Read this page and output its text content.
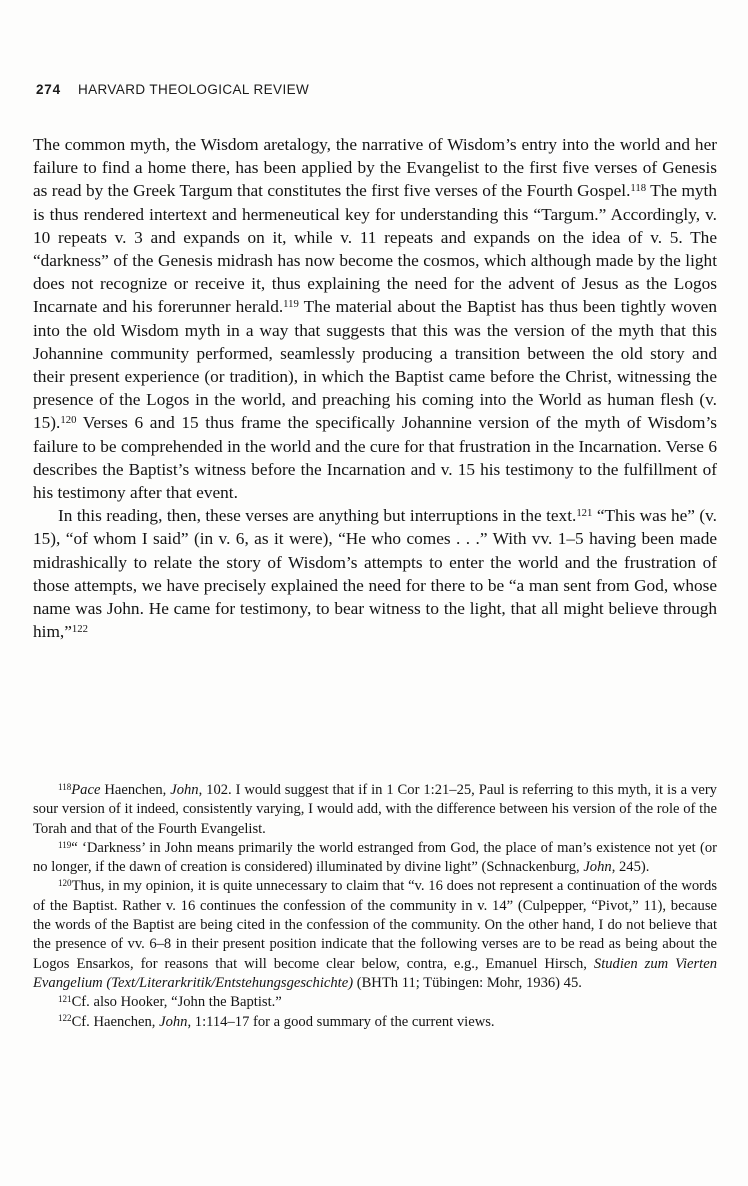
274 HARVARD THEOLOGICAL REVIEW

The common myth, the Wisdom aretalogy, the narrative of Wisdom’s entry into the world and her failure to find a home there, has been applied by the Evangelist to the first five verses of Genesis as read by the Greek Targum that constitutes the first five verses of the Fourth Gospel.$^{118}$ The myth is thus rendered intertext and hermeneutical key for understanding this “Targum.” Accordingly, v. 10 repeats v. 3 and expands on it, while v. 11 repeats and expands on the idea of v. 5. The “darkness” of the Genesis midrash has now become the cosmos, which although made by the light does not recognize or receive it, thus explaining the need for the advent of Jesus as the Logos Incarnate and his forerunner herald.$^{119}$ The material about the Baptist has thus been tightly woven into the old Wisdom myth in a way that suggests that this was the version of the myth that this Johannine community performed, seamlessly producing a transition between the old story and their present experience (or tradition), in which the Baptist came before the Christ, witnessing the presence of the Logos in the world, and preaching his coming into the World as human flesh (v. 15).$^{120}$ Verses 6 and 15 thus frame the specifically Johannine version of the myth of Wisdom’s failure to be comprehended in the world and the cure for that frustration in the Incarnation. Verse 6 describes the Baptist’s witness before the Incarnation and v. 15 his testimony to the fulfillment of his testimony after that event.

In this reading, then, these verses are anything but interruptions in the text.$^{121}$ “This was he” (v. 15), “of whom I said” (in v. 6, as it were), “He who comes . . .” With vv. 1–5 having been made midrashically to relate the story of Wisdom’s attempts to enter the world and the frustration of those attempts, we have precisely explained the need for there to be “a man sent from God, whose name was John. He came for testimony, to bear witness to the light, that all might believe through him,”$^{122}$

$^{118}$Pace Haenchen, John, 102. I would suggest that if in 1 Cor 1:21–25, Paul is referring to this myth, it is a very sour version of it indeed, consistently varying, I would add, with the difference between his version of the role of the Torah and that of the Fourth Evangelist.

$^{119}$“ ‘Darkness’ in John means primarily the world estranged from God, the place of man’s existence not yet (or no longer, if the dawn of creation is considered) illuminated by divine light” (Schnackenburg, John, 245).

$^{120}$Thus, in my opinion, it is quite unnecessary to claim that “v. 16 does not represent a continuation of the words of the Baptist. Rather v. 16 continues the confession of the community in v. 14” (Culpepper, “Pivot,” 11), because the words of the Baptist are being cited in the confession of the community. On the other hand, I do not believe that the presence of vv. 6–8 in their present position indicate that the following verses are to be read as being about the Logos Ensarkos, for reasons that will become clear below, contra, e.g., Emanuel Hirsch, Studien zum Vierten Evangelium (Text/Literarkritik/Entstehungsgeschichte) (BHTh 11; Tübingen: Mohr, 1936) 45.

$^{121}$Cf. also Hooker, “John the Baptist.”

$^{122}$Cf. Haenchen, John, 1:114–17 for a good summary of the current views.
